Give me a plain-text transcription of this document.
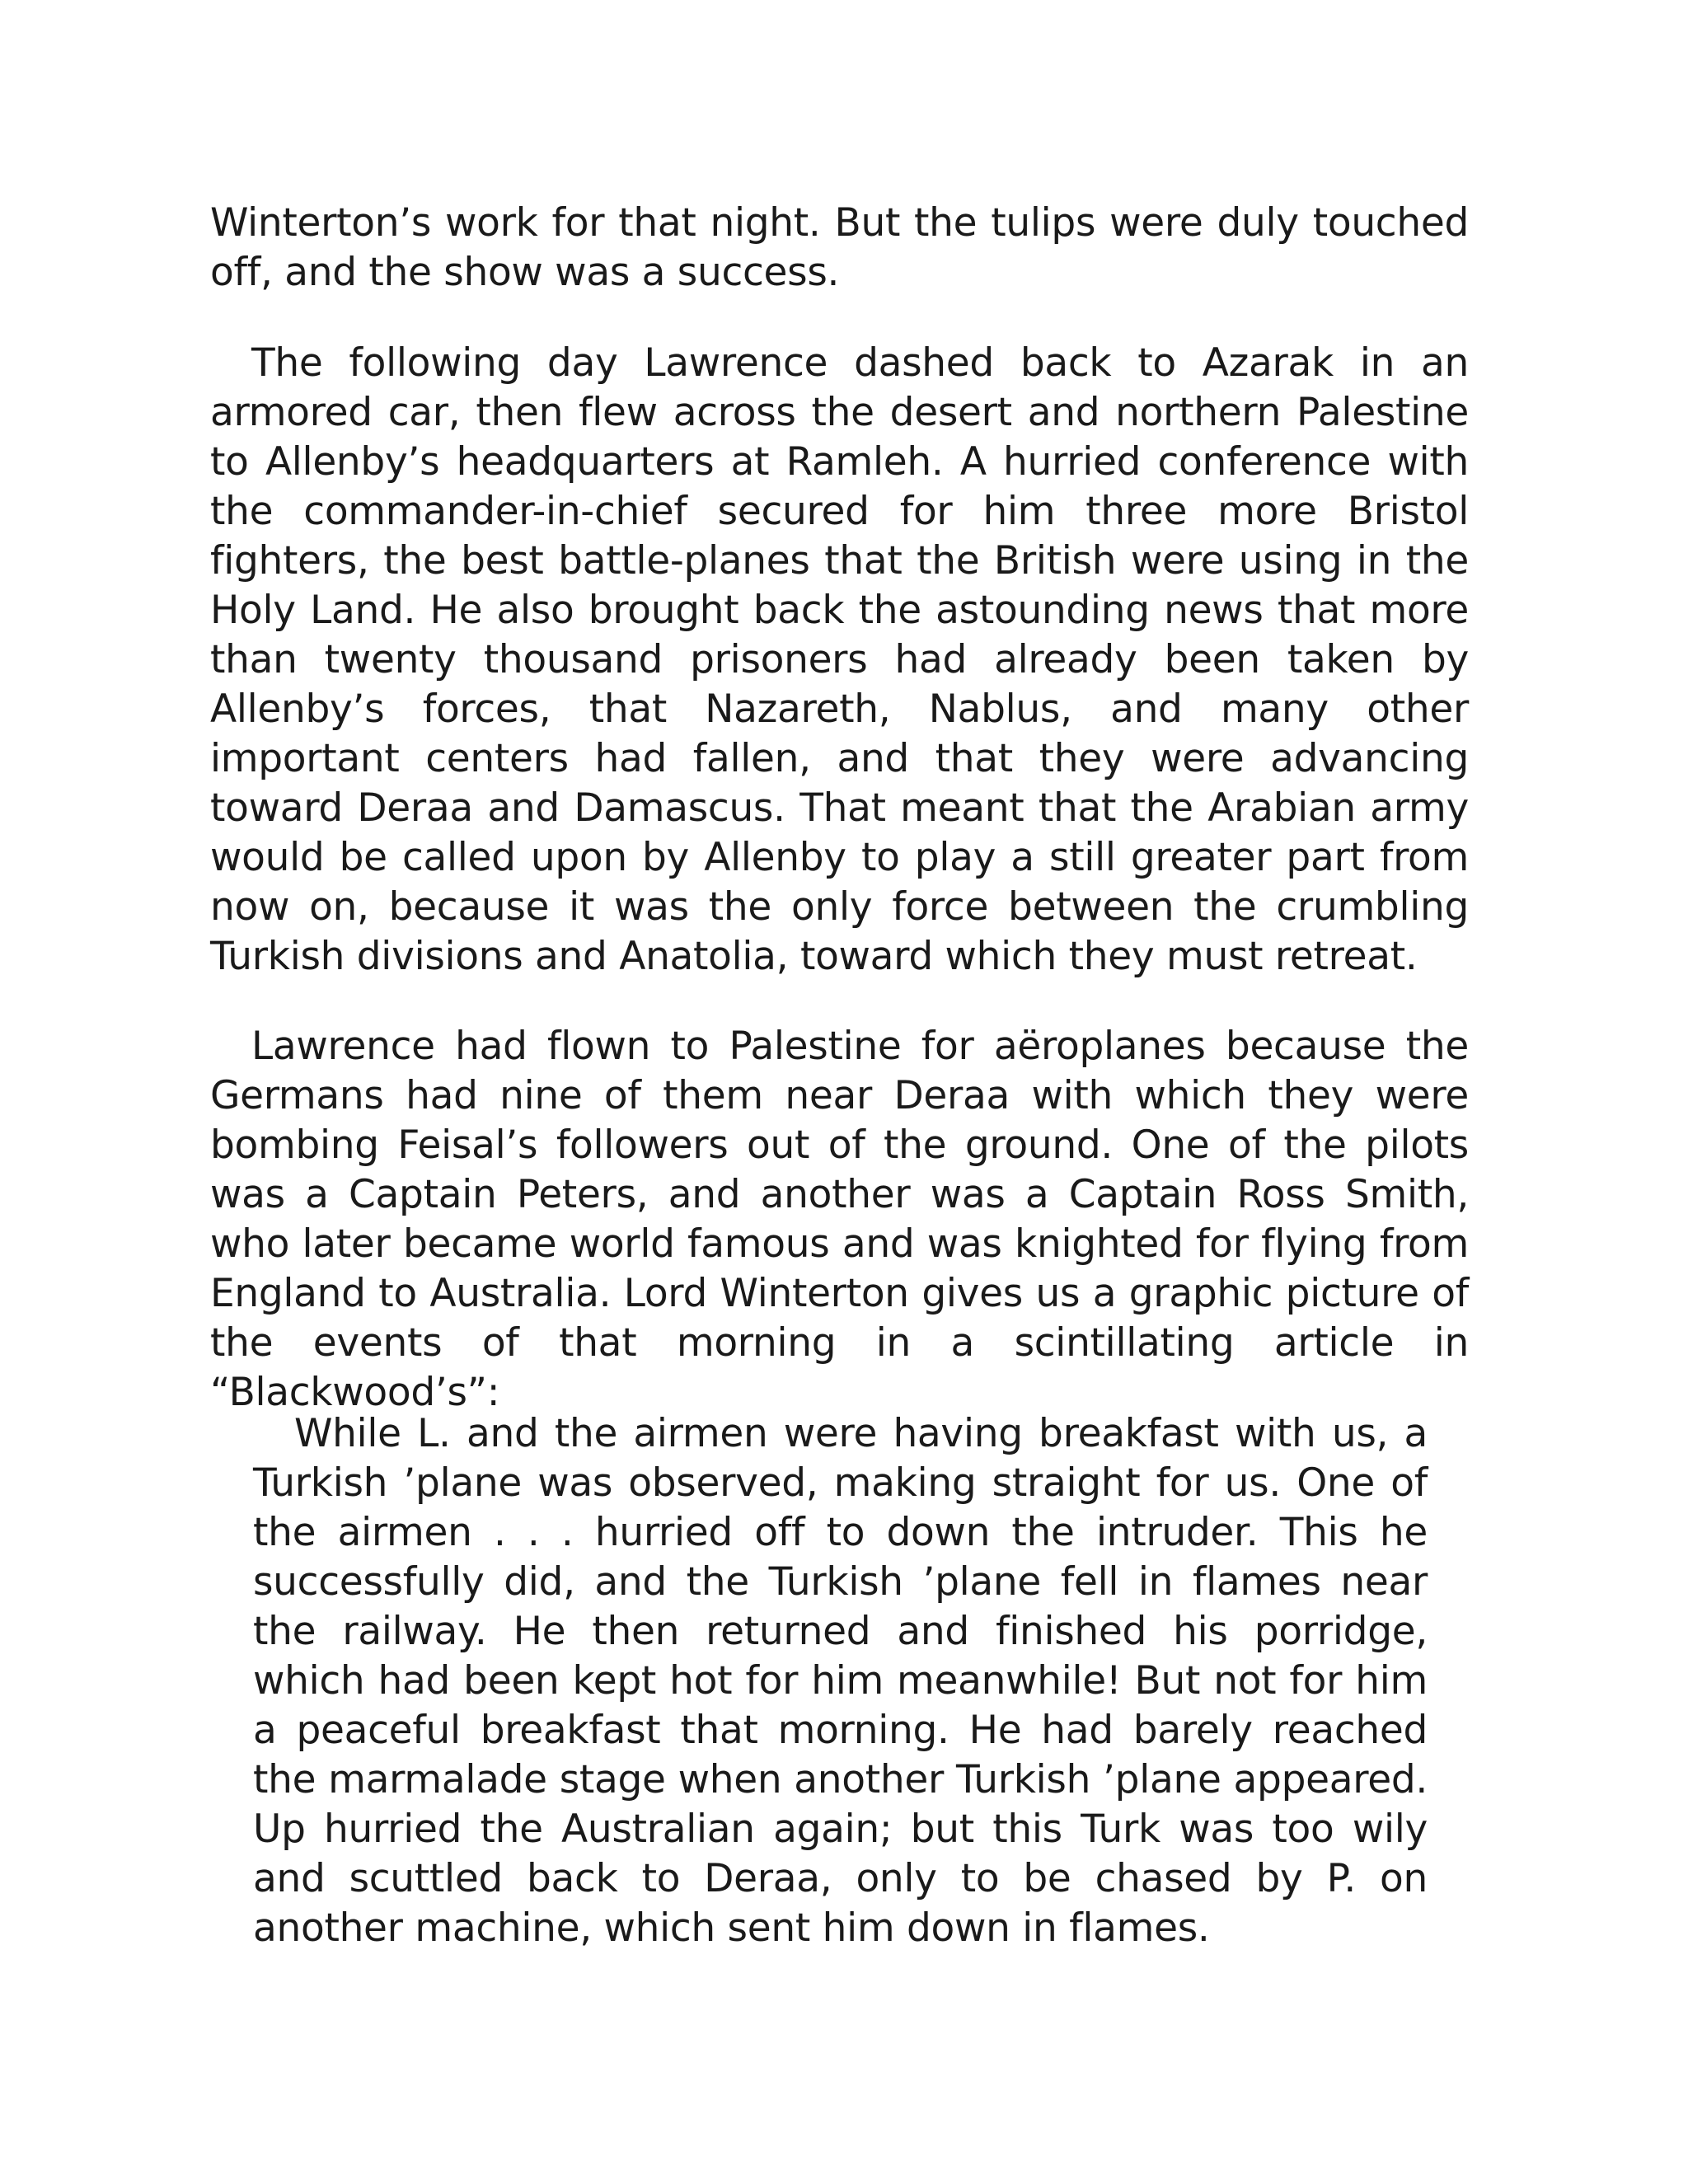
Winterton’s work for that night. But the tulips were duly touched off, and the show was a success.

The following day Lawrence dashed back to Azarak in an armored car, then flew across the desert and northern Palestine to Allenby’s headquarters at Ramleh. A hurried conference with the commander-in-chief secured for him three more Bristol fighters, the best battle-planes that the British were using in the Holy Land. He also brought back the astounding news that more than twenty thousand prisoners had already been taken by Allenby’s forces, that Nazareth, Nablus, and many other important centers had fallen, and that they were advancing toward Deraa and Damascus. That meant that the Arabian army would be called upon by Allenby to play a still greater part from now on, because it was the only force between the crumbling Turkish divisions and Anatolia, toward which they must retreat.

Lawrence had flown to Palestine for aëroplanes because the Germans had nine of them near Deraa with which they were bombing Feisal’s followers out of the ground. One of the pilots was a Captain Peters, and another was a Captain Ross Smith, who later became world famous and was knighted for flying from England to Australia. Lord Winterton gives us a graphic picture of the events of that morning in a scintillating article in “Blackwood’s”:

While L. and the airmen were having breakfast with us, a Turkish ’plane was observed, making straight for us. One of the airmen . . . hurried off to down the intruder. This he successfully did, and the Turkish ’plane fell in flames near the railway. He then returned and finished his porridge, which had been kept hot for him meanwhile! But not for him a peaceful breakfast that morning. He had barely reached the marmalade stage when another Turkish ’plane appeared. Up hurried the Australian again; but this Turk was too wily and scuttled back to Deraa, only to be chased by P. on another machine, which sent him down in flames.
